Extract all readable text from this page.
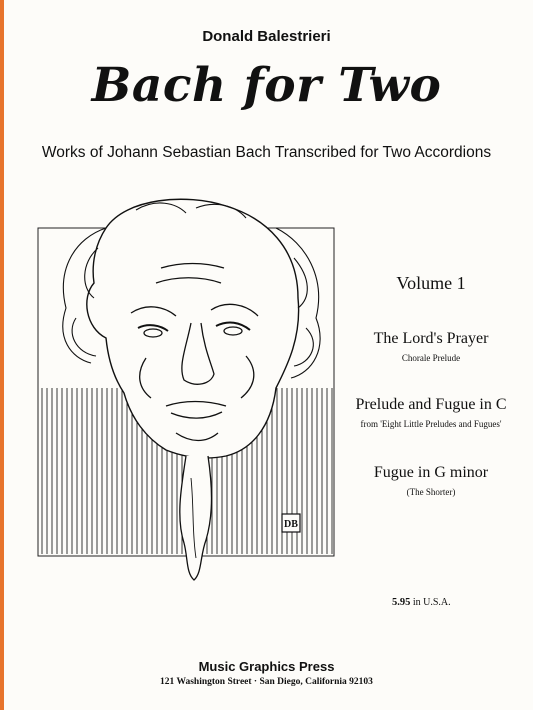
Donald Balestrieri
Bach for Two
Works of Johann Sebastian Bach Transcribed for Two Accordions
DB
Volume 1
The Lord's Prayer
Chorale Prelude
Prelude and Fugue in C
from 'Eight Little Preludes and Fugues'
Fugue in G minor
(The Shorter)
5.95 in U.S.A.
Music Graphics Press
121 Washington Street · San Diego, California 92103
